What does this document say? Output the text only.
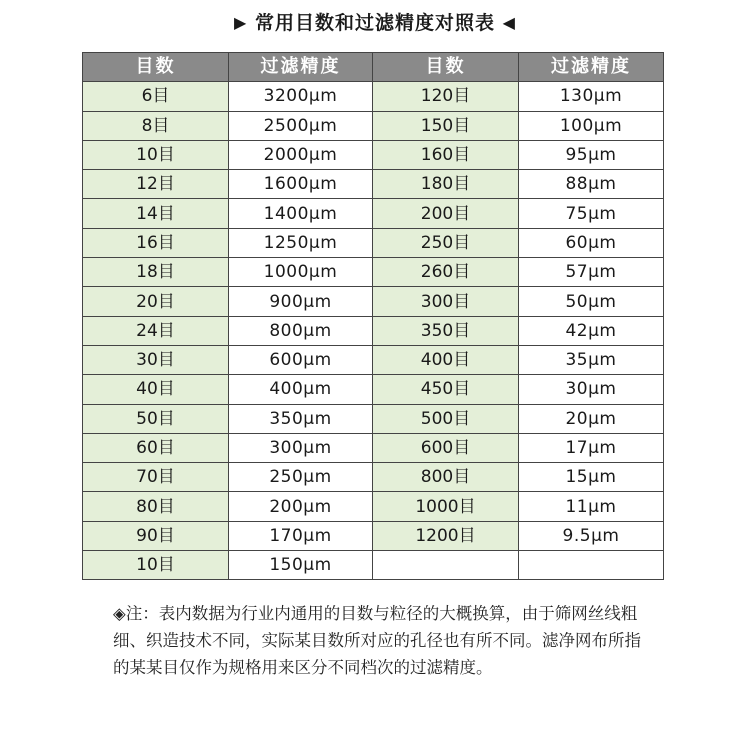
▶ 常用目数和过滤精度对照表 ◀
目数	过滤精度	目数	过滤精度
6目	3200μm	120目	130μm
8目	2500μm	150目	100μm
10目	2000μm	160目	95μm
12目	1600μm	180目	88μm
14目	1400μm	200目	75μm
16目	1250μm	250目	60μm
18目	1000μm	260目	57μm
20目	900μm	300目	50μm
24目	800μm	350目	42μm
30目	600μm	400目	35μm
40目	400μm	450目	30μm
50目	350μm	500目	20μm
60目	300μm	600目	17μm
70目	250μm	800目	15μm
80目	200μm	1000目	11μm
90目	170μm	1200目	9.5μm
10目	150μm		
◈注：表内数据为行业内通用的目数与粒径的大概换算，由于筛网丝线粗细、织造技术不同，实际某目数所对应的孔径也有所不同。滤净网布所指的某某目仅作为规格用来区分不同档次的过滤精度。
